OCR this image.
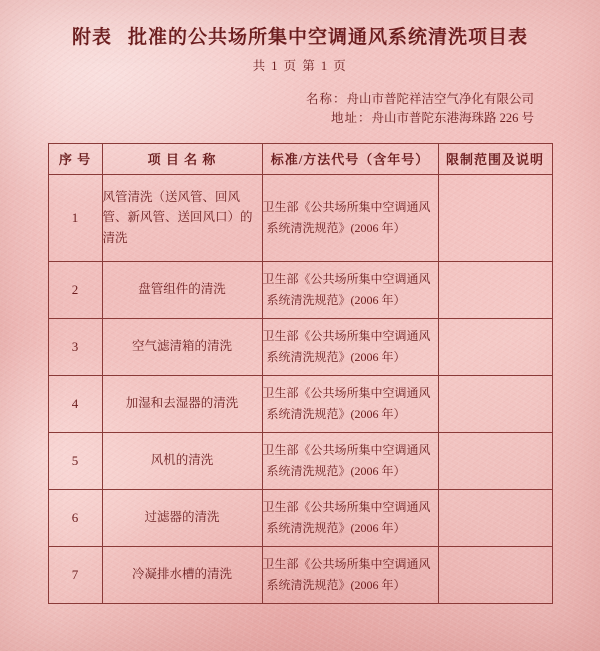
附表 批准的公共场所集中空调通风系统清洗项目表
共 1 页 第 1 页
名称：舟山市普陀祥洁空气净化有限公司
地址：舟山市普陀东港海珠路 226 号
序 号	项 目 名 称	标准/方法代号（含年号）	限制范围及说明
1	风管清洗（送风管、回风管、新风管、送回风口）的清洗	卫生部《公共场所集中空调通风
系统清洗规范》(2006 年）	

2	盘管组件的清洗	卫生部《公共场所集中空调通风
系统清洗规范》(2006 年）	

3	空气滤清箱的清洗	卫生部《公共场所集中空调通风
系统清洗规范》(2006 年）	

4	加湿和去湿器的清洗	卫生部《公共场所集中空调通风
系统清洗规范》(2006 年）	

5	风机的清洗	卫生部《公共场所集中空调通风
系统清洗规范》(2006 年）	

6	过滤器的清洗	卫生部《公共场所集中空调通风
系统清洗规范》(2006 年）	

7	冷凝排水槽的清洗	卫生部《公共场所集中空调通风
系统清洗规范》(2006 年）	
